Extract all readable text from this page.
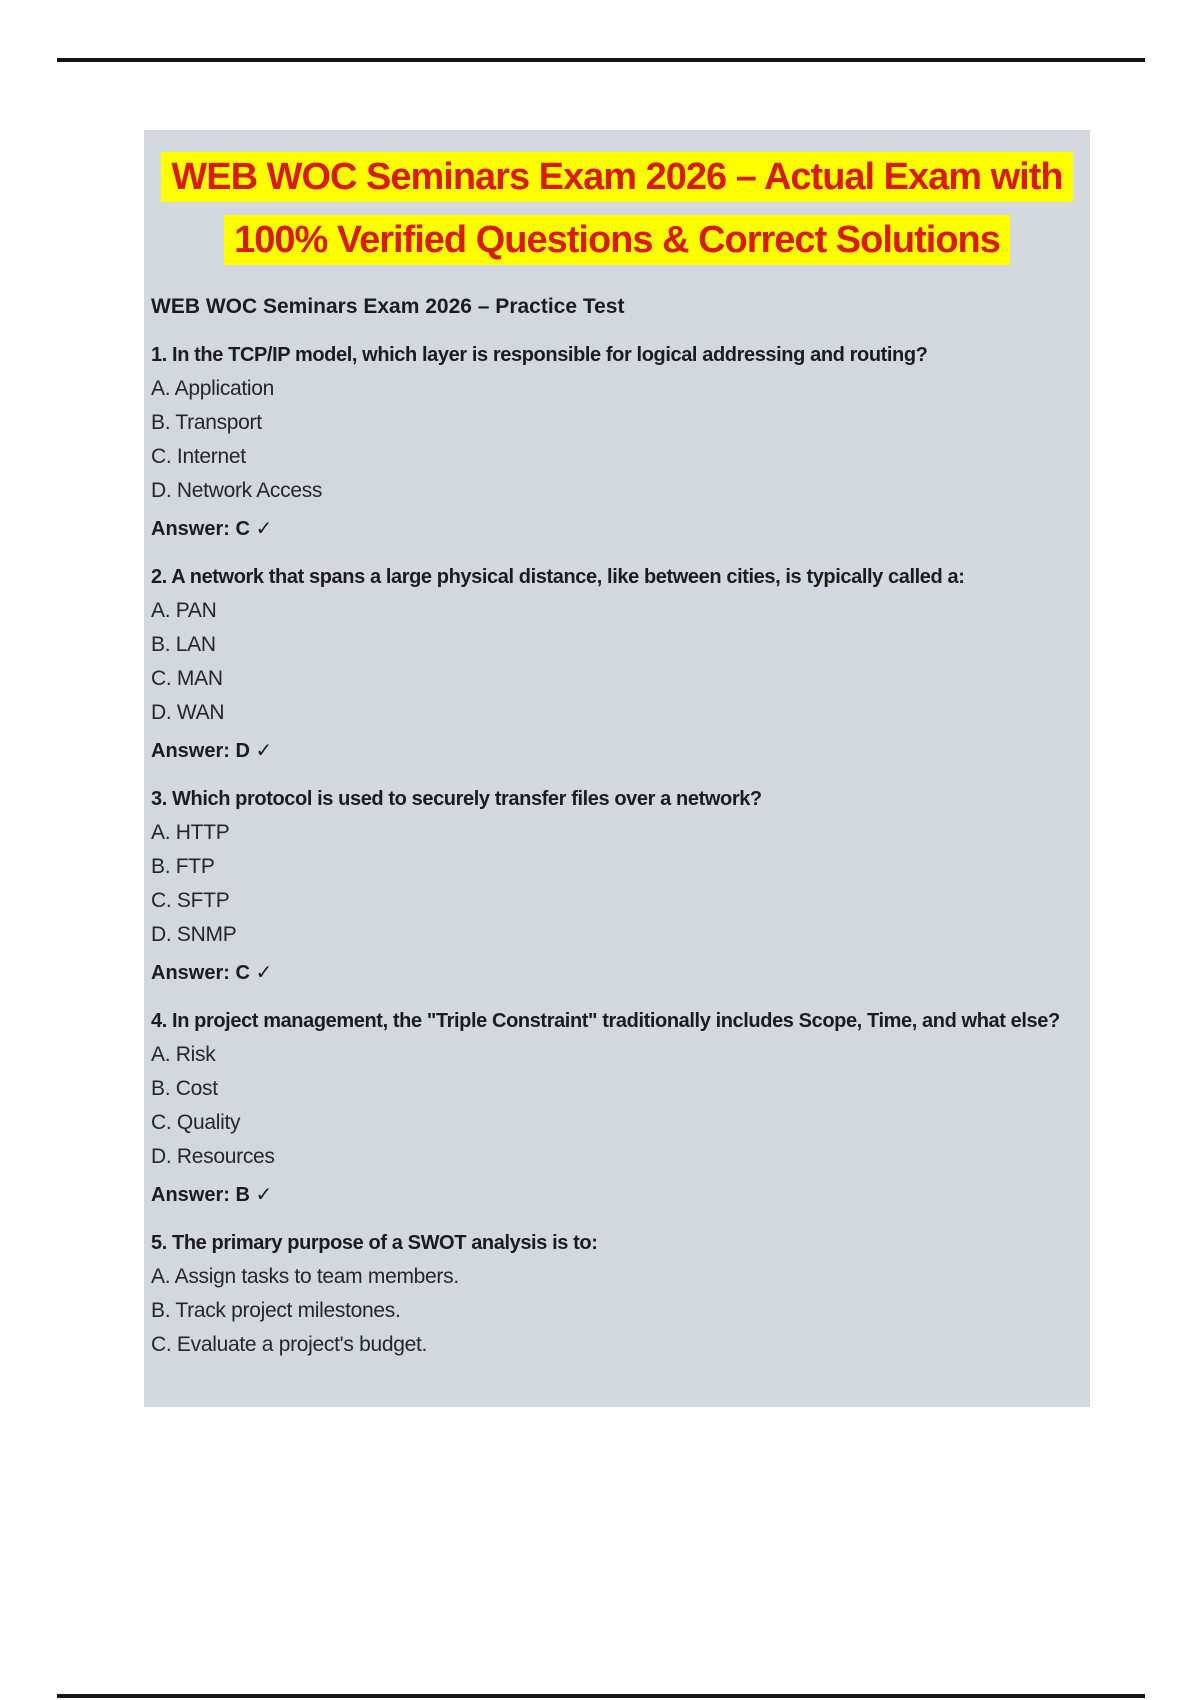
WEB WOC Seminars Exam 2026 – Actual Exam with
100% Verified Questions & Correct Solutions
WEB WOC Seminars Exam 2026 – Practice Test
1. In the TCP/IP model, which layer is responsible for logical addressing and routing?
A. Application
B. Transport
C. Internet
D. Network Access
Answer: C ✓
2. A network that spans a large physical distance, like between cities, is typically called a:
A. PAN
B. LAN
C. MAN
D. WAN
Answer: D ✓
3. Which protocol is used to securely transfer files over a network?
A. HTTP
B. FTP
C. SFTP
D. SNMP
Answer: C ✓
4. In project management, the "Triple Constraint" traditionally includes Scope, Time, and what else?
A. Risk
B. Cost
C. Quality
D. Resources
Answer: B ✓
5. The primary purpose of a SWOT analysis is to:
A. Assign tasks to team members.
B. Track project milestones.
C. Evaluate a project's budget.
